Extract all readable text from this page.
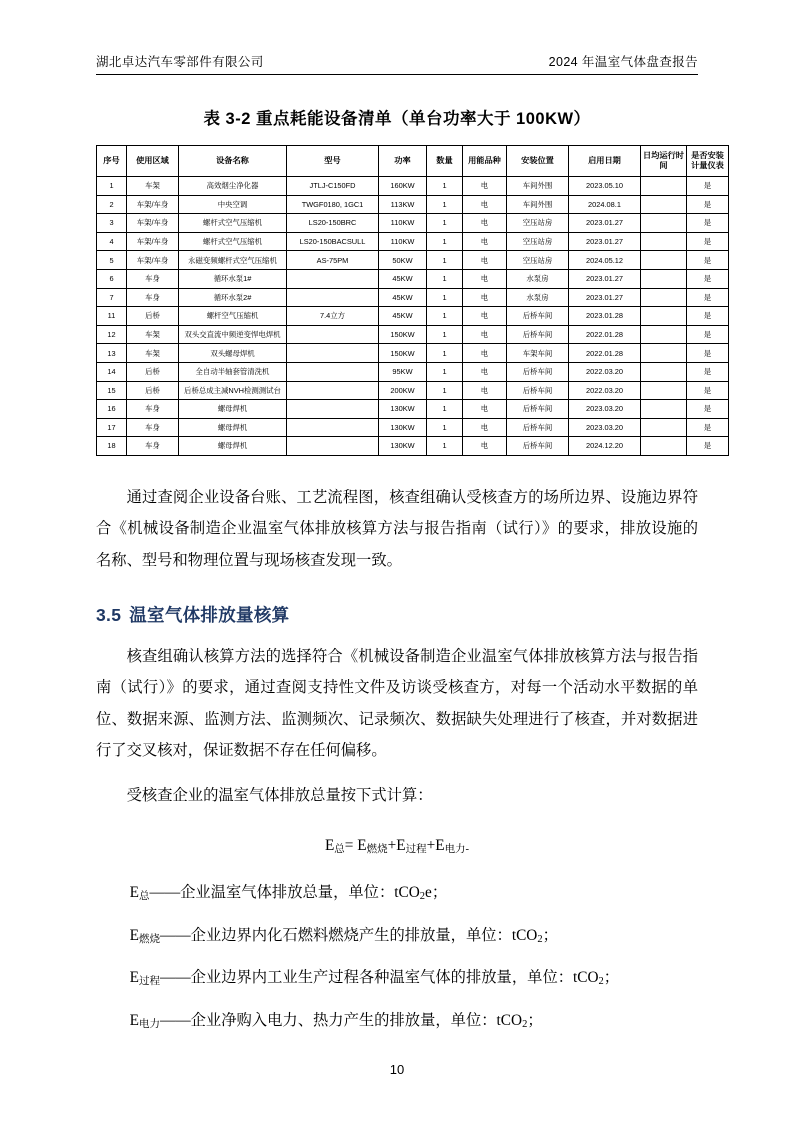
湖北卓达汽车零部件有限公司	2024 年温室气体盘查报告
表 3-2 重点耗能设备清单（单台功率大于 100KW）
序号	使用区域	设备名称	型号	功率	数量	用能品种	安装位置	启用日期	日均运行时间	是否安装计量仪表
1	车架	高效烟尘净化器	JTLJ-C150FD	160KW	1	电	车间外围	2023.05.10		是
2	车架/车身	中央空调	TWGF0180, 1GC1	113KW	1	电	车间外围	2024.08.1		是
3	车架/车身	螺杆式空气压缩机	LS20-150BRC	110KW	1	电	空压站房	2023.01.27		是
4	车架/车身	螺杆式空气压缩机	LS20-150BACSULL	110KW	1	电	空压站房	2023.01.27		是
5	车架/车身	永磁变频螺杆式空气压缩机	AS-75PM	50KW	1	电	空压站房	2024.05.12		是
6	车身	循环水泵1#		45KW	1	电	水泵房	2023.01.27		是
7	车身	循环水泵2#		45KW	1	电	水泵房	2023.01.27		是
11	后桥	螺杆空气压缩机	7.4立方	45KW	1	电	后桥车间	2023.01.28		是
12	车架	双头交直流中频逆变悍电焊机		150KW	1	电	后桥车间	2022.01.28		是
13	车架	双头螺母焊机		150KW	1	电	车架车间	2022.01.28		是
14	后桥	全自动半轴套管清洗机		95KW	1	电	后桥车间	2022.03.20		是
15	后桥	后桥总成主减NVH检测测试台		200KW	1	电	后桥车间	2022.03.20		是
16	车身	螺母焊机		130KW	1	电	后桥车间	2023.03.20		是
17	车身	螺母焊机		130KW	1	电	后桥车间	2023.03.20		是
18	车身	螺母焊机		130KW	1	电	后桥车间	2024.12.20		是

通过查阅企业设备台账、工艺流程图，核查组确认受核查方的场所边界、设施边界符合《机械设备制造企业温室气体排放核算方法与报告指南（试行）》的要求，排放设施的名称、型号和物理位置与现场核查发现一致。

3.5 温室气体排放量核算

核查组确认核算方法的选择符合《机械设备制造企业温室气体排放核算方法与报告指南（试行）》的要求，通过查阅支持性文件及访谈受核查方，对每一个活动水平数据的单位、数据来源、监测方法、监测频次、记录频次、数据缺失处理进行了核查，并对数据进行了交叉核对，保证数据不存在任何偏移。

受核查企业的温室气体排放总量按下式计算：

$E_总= E_{燃烧}+E_{过程}+E_{电力-}$

$E_总——$企业温室气体排放总量，单位：tCO$_2$e；

$E_{燃烧}——$企业边界内化石燃料燃烧产生的排放量，单位：tCO$_2$；

$E_{过程}——$企业边界内工业生产过程各种温室气体的排放量，单位：tCO$_2$；

$E_{电力}——$企业净购入电力、热力产生的排放量，单位：tCO$_2$；

10
